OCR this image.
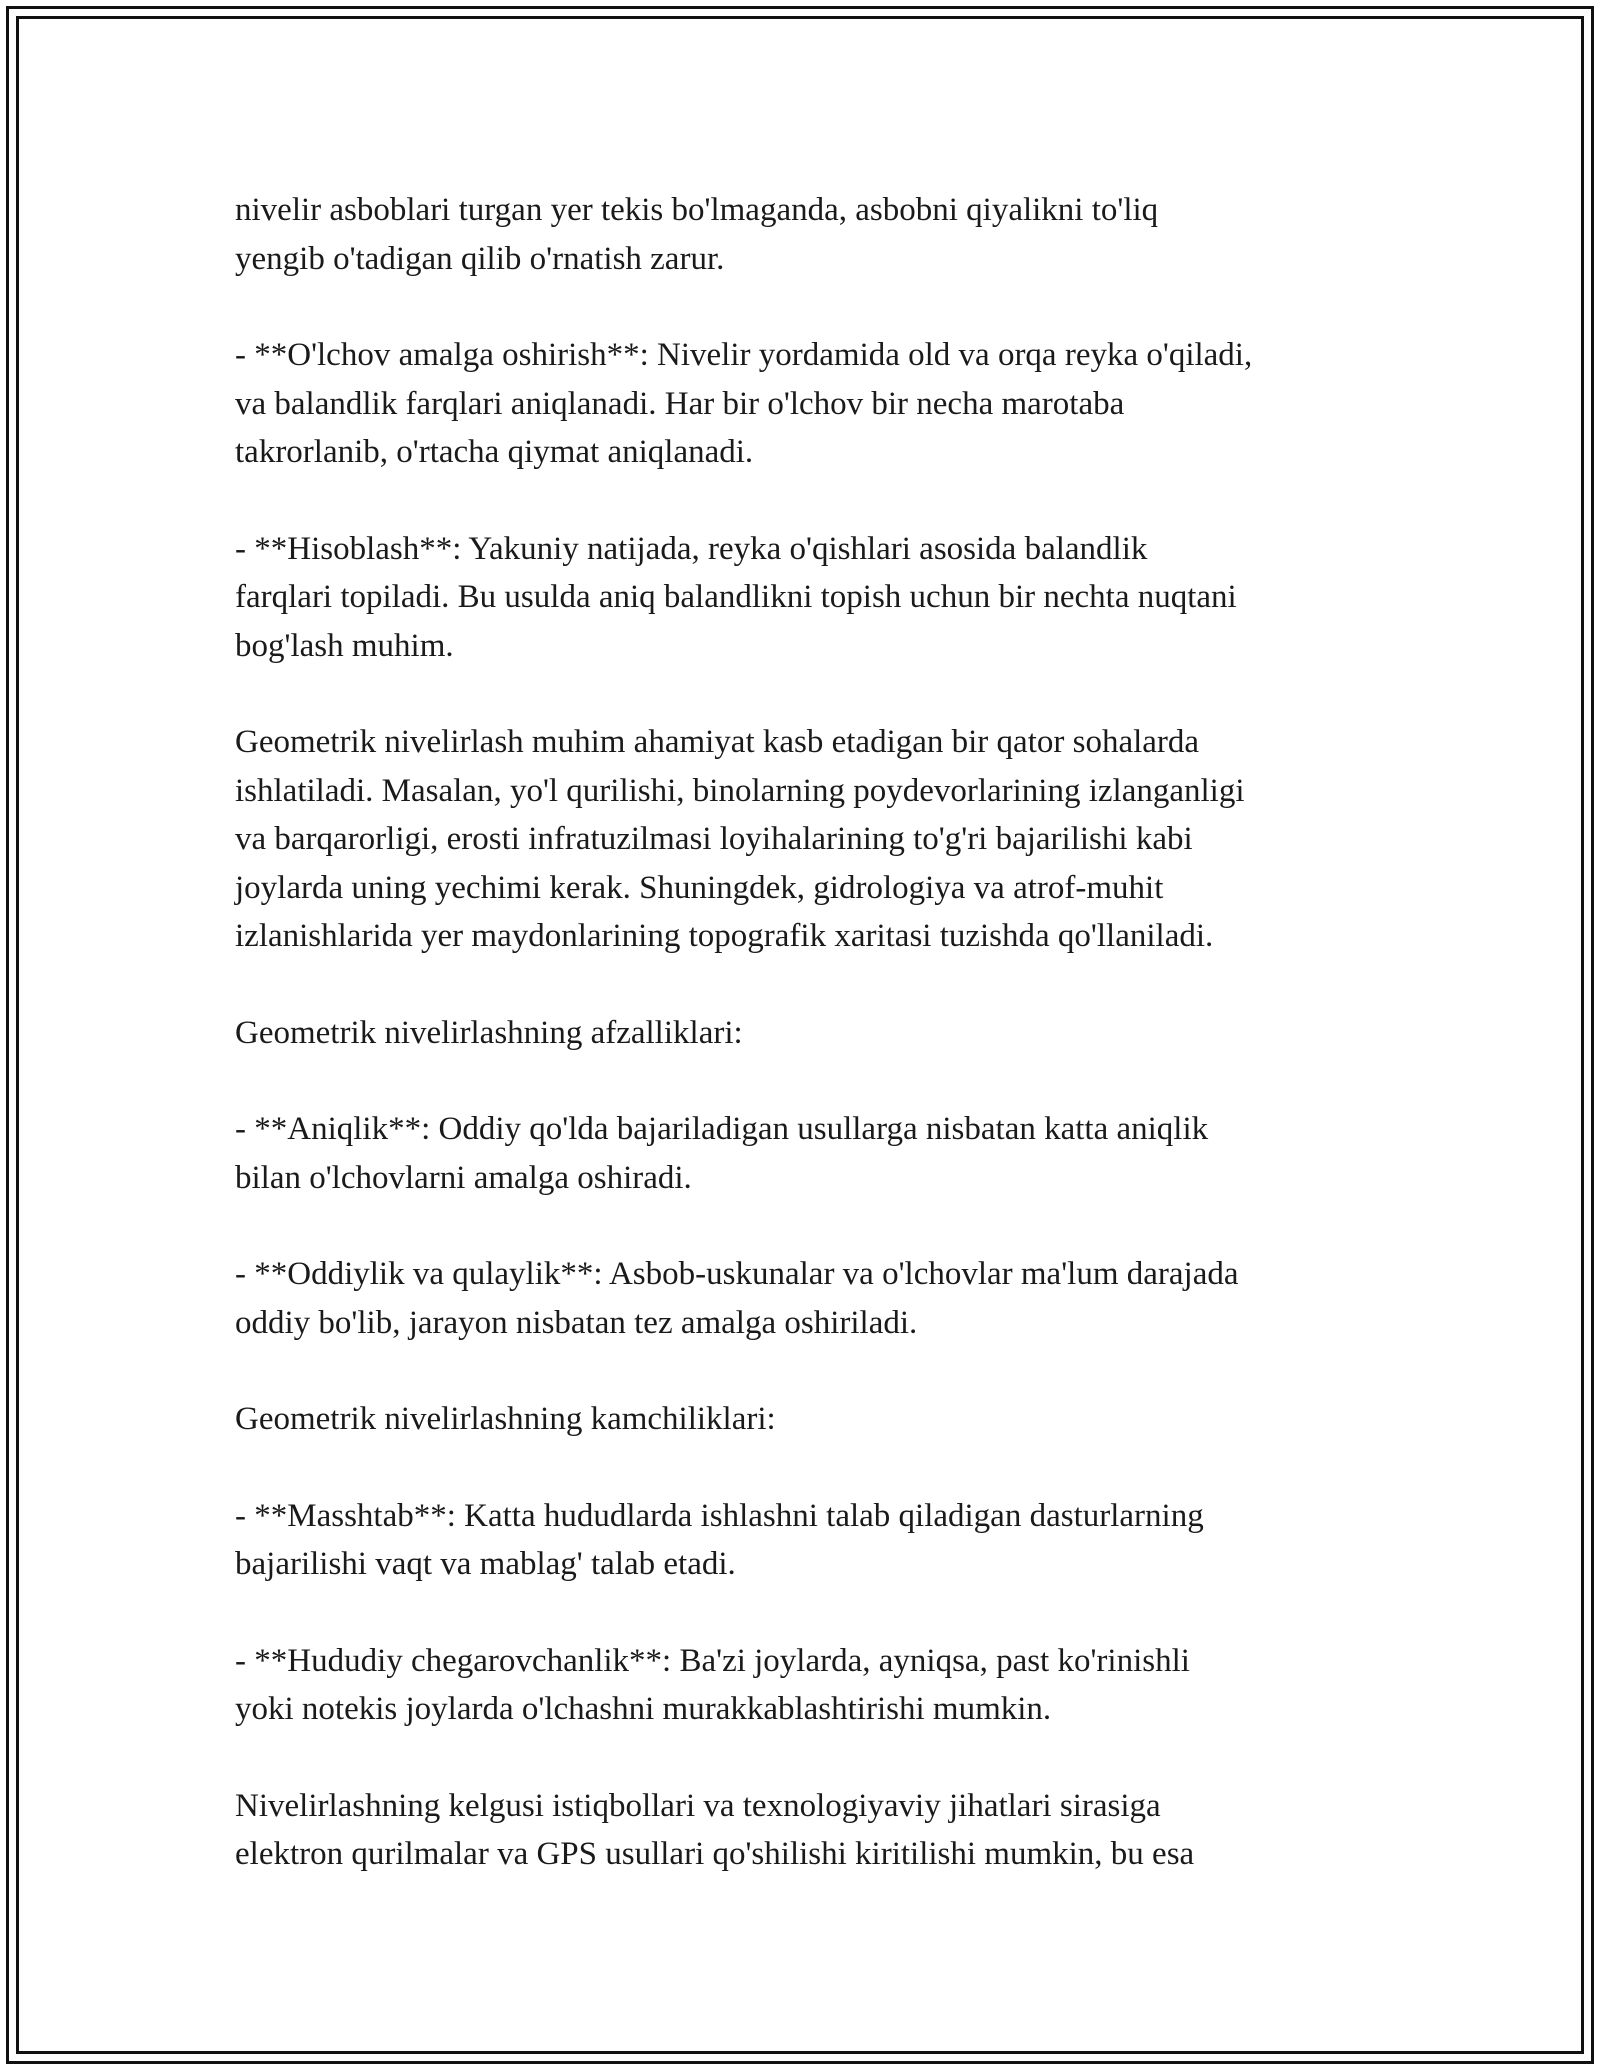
nivelir asboblari turgan yer tekis bo'lmaganda, asbobni qiyalikni to'liq
yengib o'tadigan qilib o'rnatish zarur.

- **O'lchov amalga oshirish**: Nivelir yordamida old va orqa reyka o'qiladi,
va balandlik farqlari aniqlanadi. Har bir o'lchov bir necha marotaba
takrorlanib, o'rtacha qiymat aniqlanadi.

- **Hisoblash**: Yakuniy natijada, reyka o'qishlari asosida balandlik
farqlari topiladi. Bu usulda aniq balandlikni topish uchun bir nechta nuqtani
bog'lash muhim.

Geometrik nivelirlash muhim ahamiyat kasb etadigan bir qator sohalarda
ishlatiladi. Masalan, yo'l qurilishi, binolarning poydevorlarining izlanganligi
va barqarorligi, erosti infratuzilmasi loyihalarining to'g'ri bajarilishi kabi
joylarda uning yechimi kerak. Shuningdek, gidrologiya va atrof-muhit
izlanishlarida yer maydonlarining topografik xaritasi tuzishda qo'llaniladi.

Geometrik nivelirlashning afzalliklari:

- **Aniqlik**: Oddiy qo'lda bajariladigan usullarga nisbatan katta aniqlik
bilan o'lchovlarni amalga oshiradi.

- **Oddiylik va qulaylik**: Asbob-uskunalar va o'lchovlar ma'lum darajada
oddiy bo'lib, jarayon nisbatan tez amalga oshiriladi.

Geometrik nivelirlashning kamchiliklari:

- **Masshtab**: Katta hududlarda ishlashni talab qiladigan dasturlarning
bajarilishi vaqt va mablag' talab etadi.

- **Hududiy chegarovchanlik**: Ba'zi joylarda, ayniqsa, past ko'rinishli
yoki notekis joylarda o'lchashni murakkablashtirishi mumkin.

Nivelirlashning kelgusi istiqbollari va texnologiyaviy jihatlari sirasiga
elektron qurilmalar va GPS usullari qo'shilishi kiritilishi mumkin, bu esa
